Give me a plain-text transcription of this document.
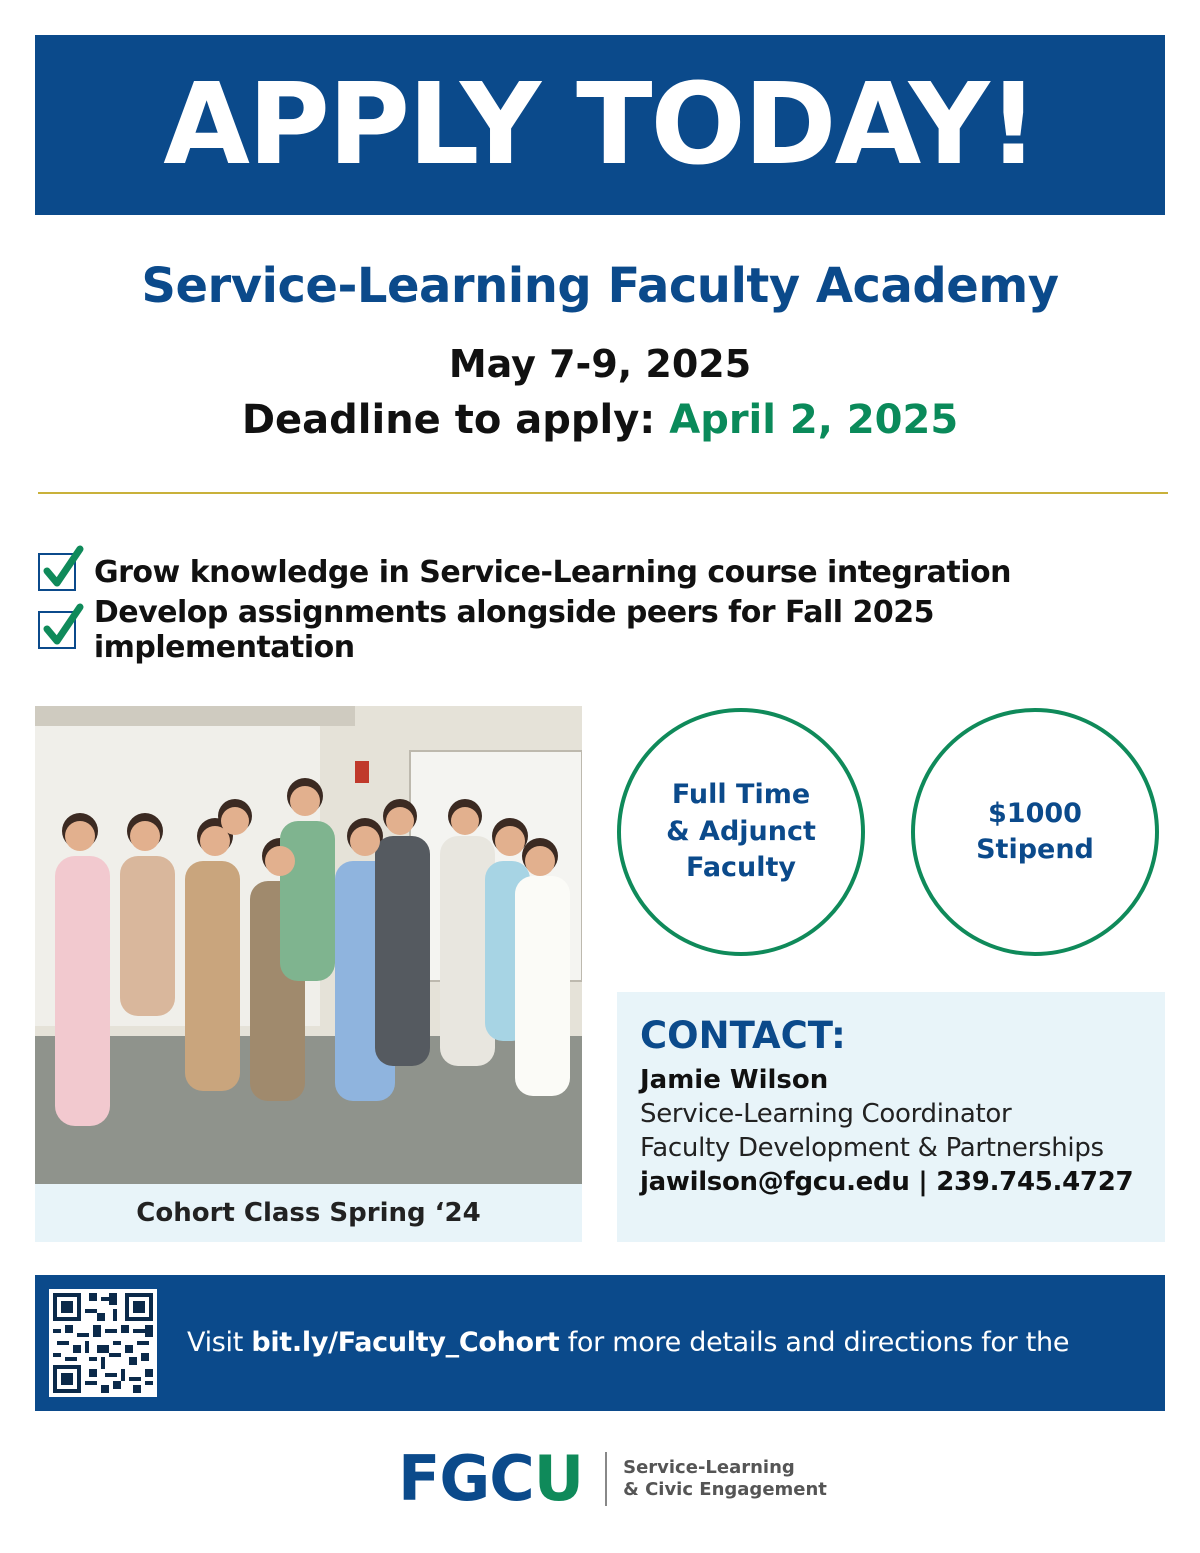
APPLY TODAY!
Service-Learning Faculty Academy
May 7-9, 2025
Deadline to apply: April 2, 2025
Grow knowledge in Service-Learning course integration
Develop assignments alongside peers for Fall 2025 implementation
Cohort Class Spring ‘24
Full Time
& Adjunct
Faculty
$1000
Stipend
CONTACT:
Jamie Wilson
Service-Learning Coordinator
Faculty Development & Partnerships
jawilson@fgcu.edu | 239.745.4727
Visit bit.ly/Faculty_Cohort for more details and directions for the
FGCU Service-Learning
& Civic Engagement
